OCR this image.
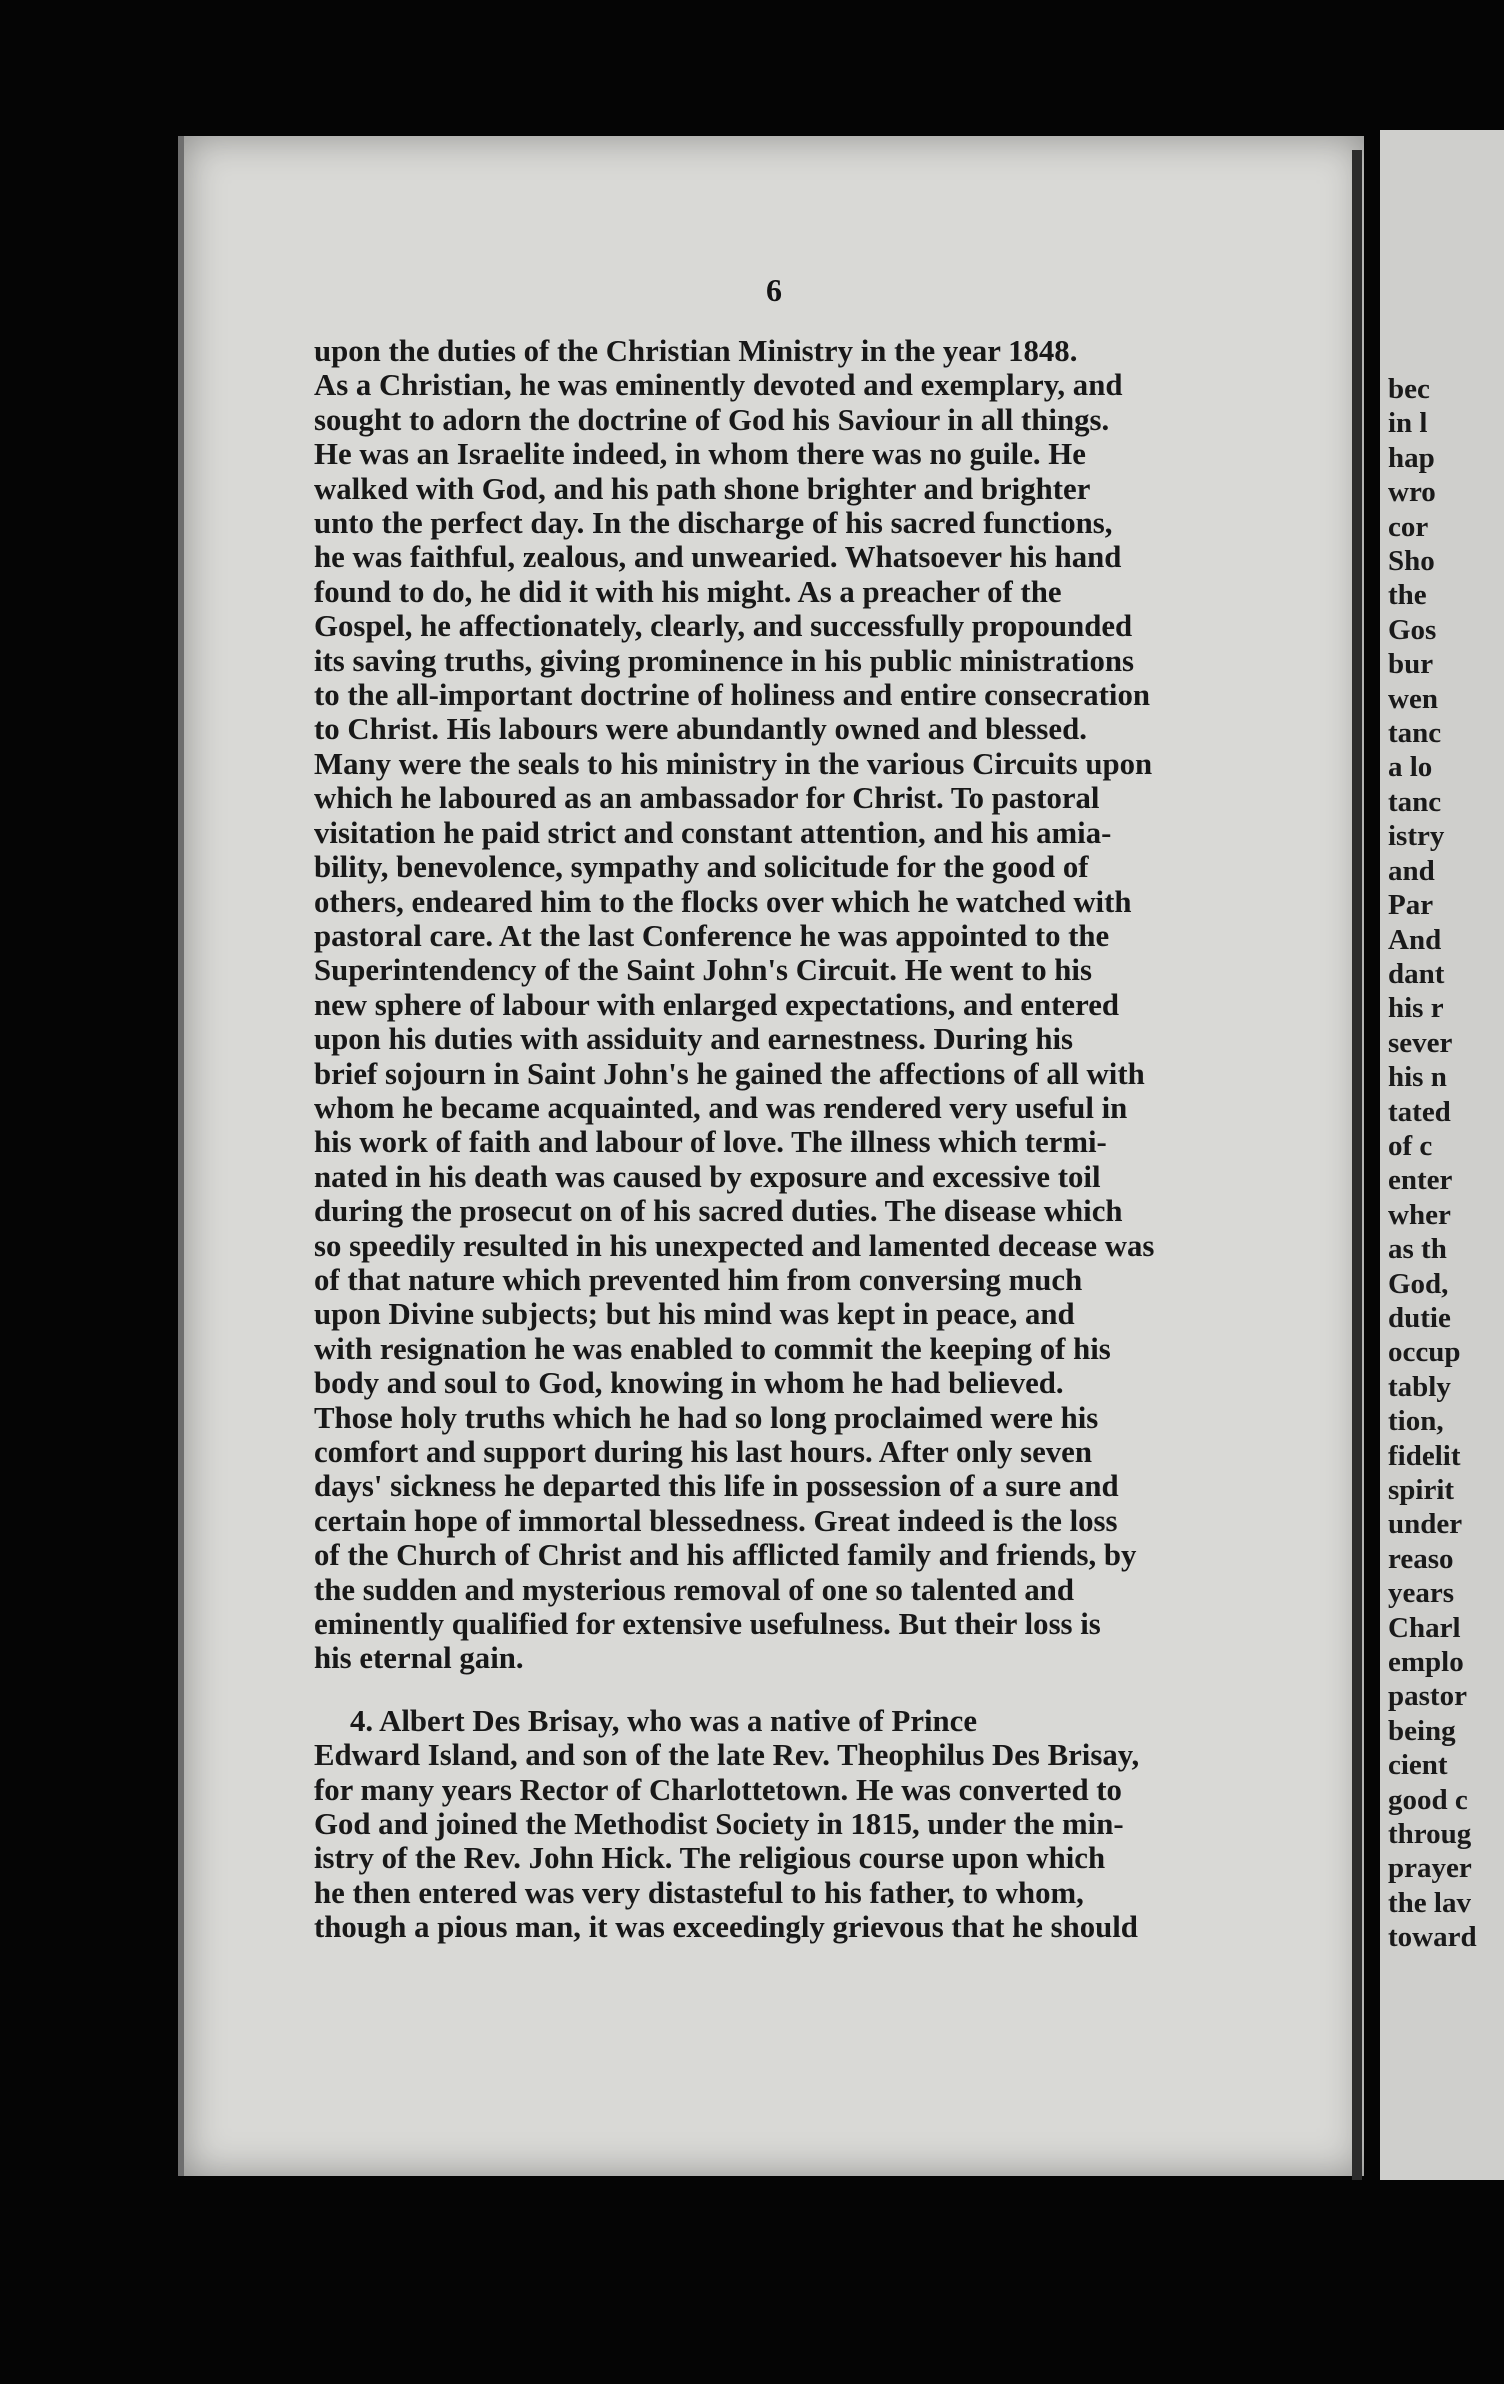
6

upon the duties of the Christian Ministry in the year 1848.
As a Christian, he was eminently devoted and exemplary, and
sought to adorn the doctrine of God his Saviour in all things.
He was an Israelite indeed, in whom there was no guile. He
walked with God, and his path shone brighter and brighter
unto the perfect day. In the discharge of his sacred functions,
he was faithful, zealous, and unwearied. Whatsoever his hand
found to do, he did it with his might. As a preacher of the
Gospel, he affectionately, clearly, and successfully propounded
its saving truths, giving prominence in his public ministrations
to the all-important doctrine of holiness and entire consecration
to Christ. His labours were abundantly owned and blessed.
Many were the seals to his ministry in the various Circuits upon
which he laboured as an ambassador for Christ. To pastoral
visitation he paid strict and constant attention, and his amia-
bility, benevolence, sympathy and solicitude for the good of
others, endeared him to the flocks over which he watched with
pastoral care. At the last Conference he was appointed to the
Superintendency of the Saint John's Circuit. He went to his
new sphere of labour with enlarged expectations, and entered
upon his duties with assiduity and earnestness. During his
brief sojourn in Saint John's he gained the affections of all with
whom he became acquainted, and was rendered very useful in
his work of faith and labour of love. The illness which termi-
nated in his death was caused by exposure and excessive toil
during the prosecut on of his sacred duties. The disease which
so speedily resulted in his unexpected and lamented decease was
of that nature which prevented him from conversing much
upon Divine subjects; but his mind was kept in peace, and
with resignation he was enabled to commit the keeping of his
body and soul to God, knowing in whom he had believed.
Those holy truths which he had so long proclaimed were his
comfort and support during his last hours. After only seven
days' sickness he departed this life in possession of a sure and
certain hope of immortal blessedness. Great indeed is the loss
of the Church of Christ and his afflicted family and friends, by
the sudden and mysterious removal of one so talented and
eminently qualified for extensive usefulness. But their loss is
his eternal gain.

4. Albert Des Brisay, who was a native of Prince
Edward Island, and son of the late Rev. Theophilus Des Brisay,
for many years Rector of Charlottetown. He was converted to
God and joined the Methodist Society in 1815, under the min-
istry of the Rev. John Hick. The religious course upon which
he then entered was very distasteful to his father, to whom,
though a pious man, it was exceedingly grievous that he should

bec
in l
hap
wro
cor
Sho
the
Gos
bur
wen
tanc
a lo
tanc
istry
and
Par
And
dant
his r
sever
his n
tated
of c
enter
wher
as th
God,
dutie
occup
tably
tion,
fidelit
spirit
under
reaso
years
Charl
emplo
pastor
being
cient
good c
throug
prayer
the lav
toward
